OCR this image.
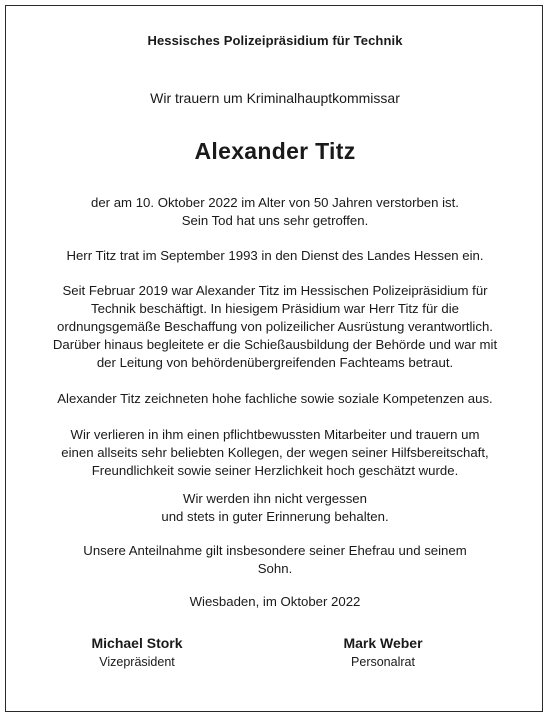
Hessisches Polizeipräsidium für Technik
Wir trauern um Kriminalhauptkommissar
Alexander Titz
der am 10. Oktober 2022 im Alter von 50 Jahren verstorben ist.
Sein Tod hat uns sehr getroffen.
Herr Titz trat im September 1993 in den Dienst des Landes Hessen ein.
Seit Februar 2019 war Alexander Titz im Hessischen Polizeipräsidium für
Technik beschäftigt. In hiesigem Präsidium war Herr Titz für die
ordnungsgemäße Beschaffung von polizeilicher Ausrüstung verantwortlich.
Darüber hinaus begleitete er die Schießausbildung der Behörde und war mit
der Leitung von behördenübergreifenden Fachteams betraut.
Alexander Titz zeichneten hohe fachliche sowie soziale Kompetenzen aus.
Wir verlieren in ihm einen pflichtbewussten Mitarbeiter und trauern um
einen allseits sehr beliebten Kollegen, der wegen seiner Hilfsbereitschaft,
Freundlichkeit sowie seiner Herzlichkeit hoch geschätzt wurde.
Wir werden ihn nicht vergessen
und stets in guter Erinnerung behalten.
Unsere Anteilnahme gilt insbesondere seiner Ehefrau und seinem
Sohn.
Wiesbaden, im Oktober 2022
Michael Stork
Vizepräsident
Mark Weber
Personalrat
